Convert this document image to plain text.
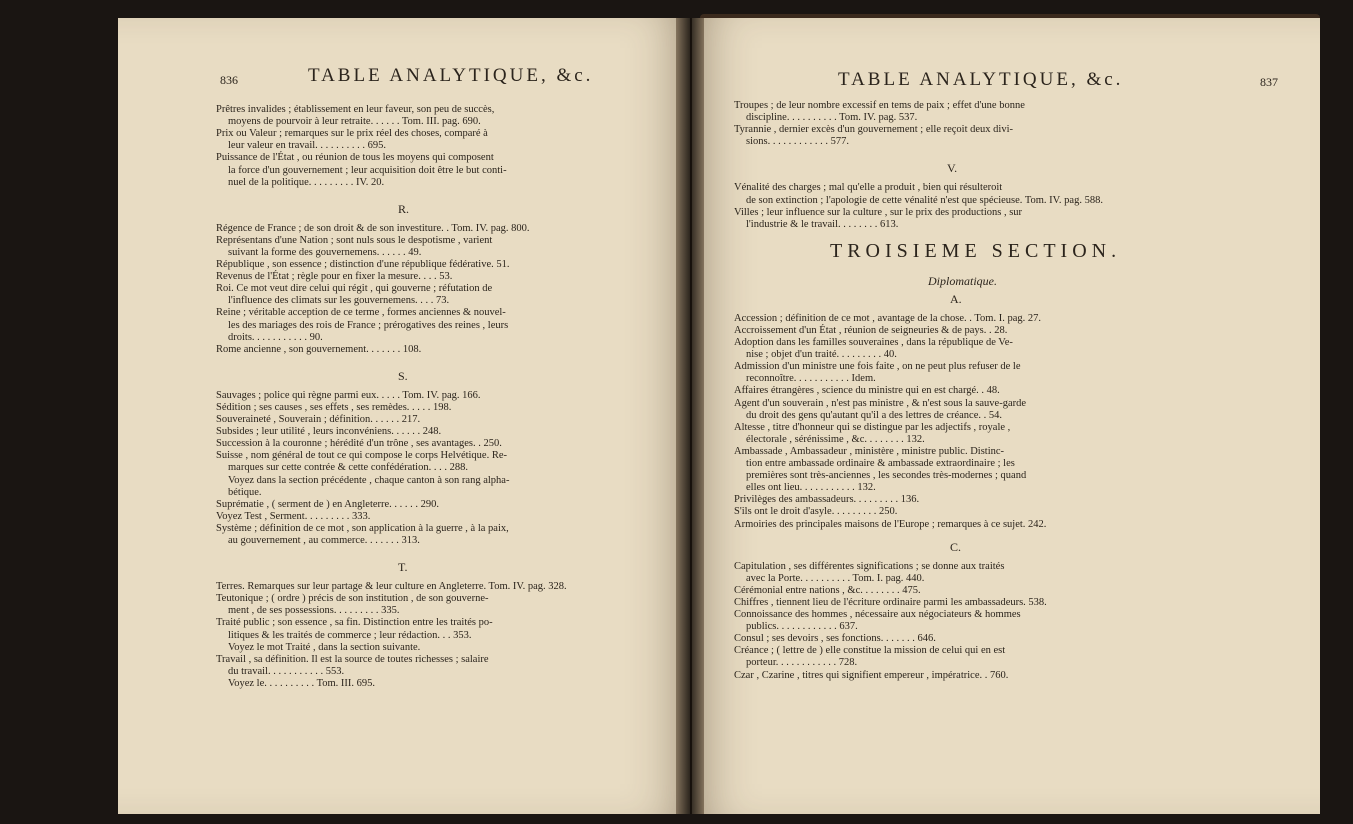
836	TABLE ANALYTIQUE, &c.
Prêtres invalides ; établissement en leur faveur, son peu de succès,
moyens de pourvoir à leur retraite. . . . . . Tom. III. pag. 690.
Prix ou Valeur ; remarques sur le prix réel des choses, comparé à
leur valeur en travail. . . . . . . . . . 695.
Puissance de l'État , ou réunion de tous les moyens qui composent
la force d'un gouvernement ; leur acquisition doit être le but conti-
nuel de la politique. . . . . . . . . IV. 20.
R.
Régence de France ; de son droit & de son investiture. . Tom. IV. pag. 800.
Représentans d'une Nation ; sont nuls sous le despotisme , varient
suivant la forme des gouvernemens. . . . . . 49.
République , son essence ; distinction d'une république fédérative. 51.
Revenus de l'État ; règle pour en fixer la mesure. . . . 53.
Roi. Ce mot veut dire celui qui régit , qui gouverne ; réfutation de
l'influence des climats sur les gouvernemens. . . . 73.
Reine ; véritable acception de ce terme , formes anciennes & nouvel-
les des mariages des rois de France ; prérogatives des reines , leurs
droits. . . . . . . . . . . 90.
Rome ancienne , son gouvernement. . . . . . . 108.
S.
Sauvages ; police qui règne parmi eux. . . . . Tom. IV. pag. 166.
Sédition ; ses causes , ses effets , ses remèdes. . . . . 198.
Souveraineté , Souverain ; définition. . . . . . 217.
Subsides ; leur utilité , leurs inconvéniens. . . . . . 248.
Succession à la couronne ; hérédité d'un trône , ses avantages. . 250.
Suisse , nom général de tout ce qui compose le corps Helvétique. Re-
marques sur cette contrée & cette confédération. . . . 288.
Voyez dans la section précédente , chaque canton à son rang alpha-
bétique.
Suprématie , ( serment de ) en Angleterre. . . . . . 290.
Voyez Test , Serment. . . . . . . . . 333.
Système ; définition de ce mot , son application à la guerre , à la paix,
au gouvernement , au commerce. . . . . . . 313.
T.
Terres. Remarques sur leur partage & leur culture en Angleterre. Tom. IV. pag. 328.
Teutonique ; ( ordre ) précis de son institution , de son gouverne-
ment , de ses possessions. . . . . . . . . 335.
Traité public ; son essence , sa fin. Distinction entre les traités po-
litiques & les traités de commerce ; leur rédaction. . . 353.
Voyez le mot Traité , dans la section suivante.
Travail , sa définition. Il est la source de toutes richesses ; salaire
du travail. . . . . . . . . . . 553.
Voyez le. . . . . . . . . . Tom. III. 695.
TABLE ANALYTIQUE, &c.	837
Troupes ; de leur nombre excessif en tems de paix ; effet d'une bonne
discipline. . . . . . . . . . Tom. IV. pag. 537.
Tyrannie , dernier excès d'un gouvernement ; elle reçoit deux divi-
sions. . . . . . . . . . . . 577.
V.
Vénalité des charges ; mal qu'elle a produit , bien qui résulteroit
de son extinction ; l'apologie de cette vénalité n'est que spécieuse. Tom. IV. pag. 588.
Villes ; leur influence sur la culture , sur le prix des productions , sur
l'industrie & le travail. . . . . . . . 613.
TROISIEME SECTION.
Diplomatique.
A.
Accession ; définition de ce mot , avantage de la chose. . Tom. I. pag. 27.
Accroissement d'un État , réunion de seigneuries & de pays. . 28.
Adoption dans les familles souveraines , dans la république de Ve-
nise ; objet d'un traité. . . . . . . . . 40.
Admission d'un ministre une fois faite , on ne peut plus refuser de le
reconnoître. . . . . . . . . . . Idem.
Affaires étrangères , science du ministre qui en est chargé. . 48.
Agent d'un souverain , n'est pas ministre , & n'est sous la sauve-garde
du droit des gens qu'autant qu'il a des lettres de créance. . 54.
Altesse , titre d'honneur qui se distingue par les adjectifs , royale ,
électorale , sérénissime , &c. . . . . . . . 132.
Ambassade , Ambassadeur , ministère , ministre public. Distinc-
tion entre ambassade ordinaire & ambassade extraordinaire ; les
premières sont très-anciennes , les secondes très-modernes ; quand
elles ont lieu. . . . . . . . . . . 132.
Privilèges des ambassadeurs. . . . . . . . . 136.
S'ils ont le droit d'asyle. . . . . . . . . 250.
Armoiries des principales maisons de l'Europe ; remarques à ce sujet. 242.
C.
Capitulation , ses différentes significations ; se donne aux traités
avec la Porte. . . . . . . . . . Tom. I. pag. 440.
Cérémonial entre nations , &c. . . . . . . . 475.
Chiffres , tiennent lieu de l'écriture ordinaire parmi les ambassadeurs. 538.
Connoissance des hommes , nécessaire aux négociateurs & hommes
publics. . . . . . . . . . . . 637.
Consul ; ses devoirs , ses fonctions. . . . . . . 646.
Créance ; ( lettre de ) elle constitue la mission de celui qui en est
porteur. . . . . . . . . . . . 728.
Czar , Czarine , titres qui signifient empereur , impératrice. . 760.
